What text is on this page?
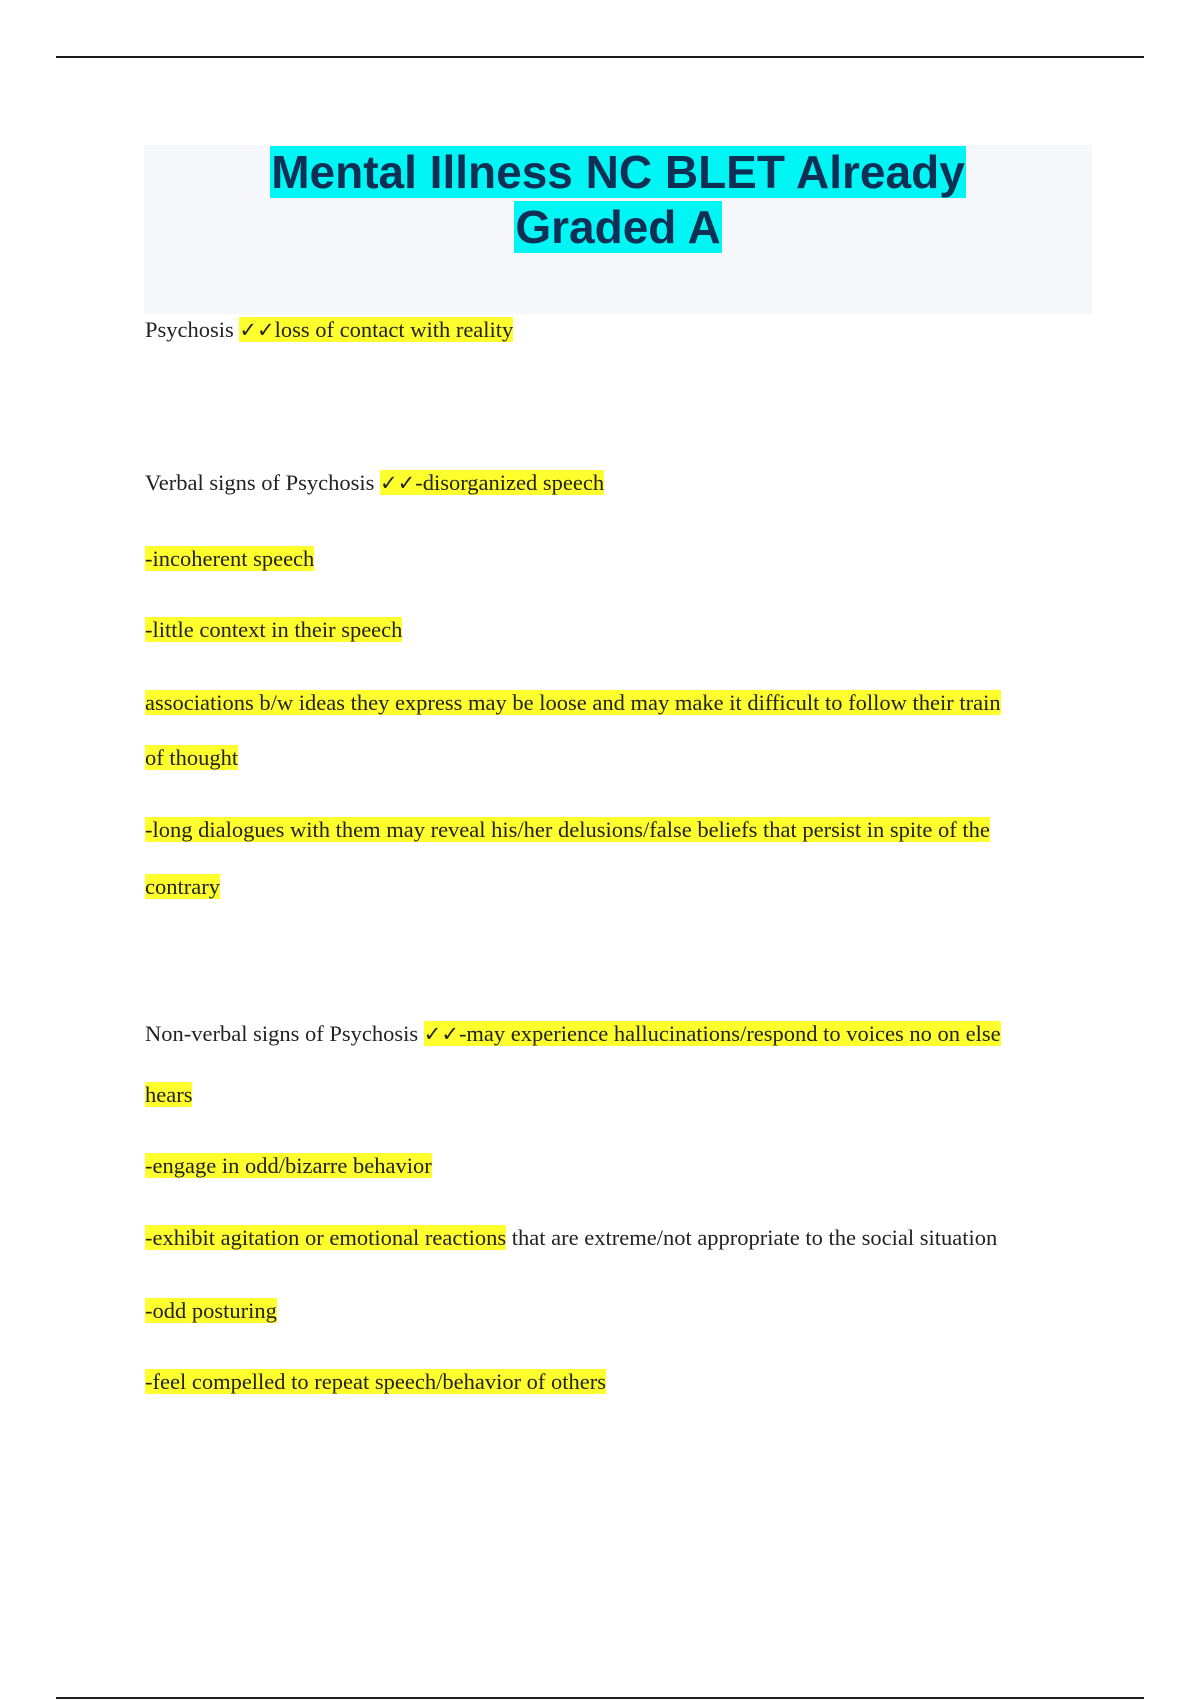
Mental Illness NC BLET Already
Graded A
Psychosis ✓✓loss of contact with reality
Verbal signs of Psychosis ✓✓-disorganized speech
-incoherent speech
-little context in their speech
associations b/w ideas they express may be loose and may make it difficult to follow their train
of thought
-long dialogues with them may reveal his/her delusions/false beliefs that persist in spite of the
contrary
Non-verbal signs of Psychosis ✓✓-may experience hallucinations/respond to voices no on else
hears
-engage in odd/bizarre behavior
-exhibit agitation or emotional reactions that are extreme/not appropriate to the social situation
-odd posturing
-feel compelled to repeat speech/behavior of others
